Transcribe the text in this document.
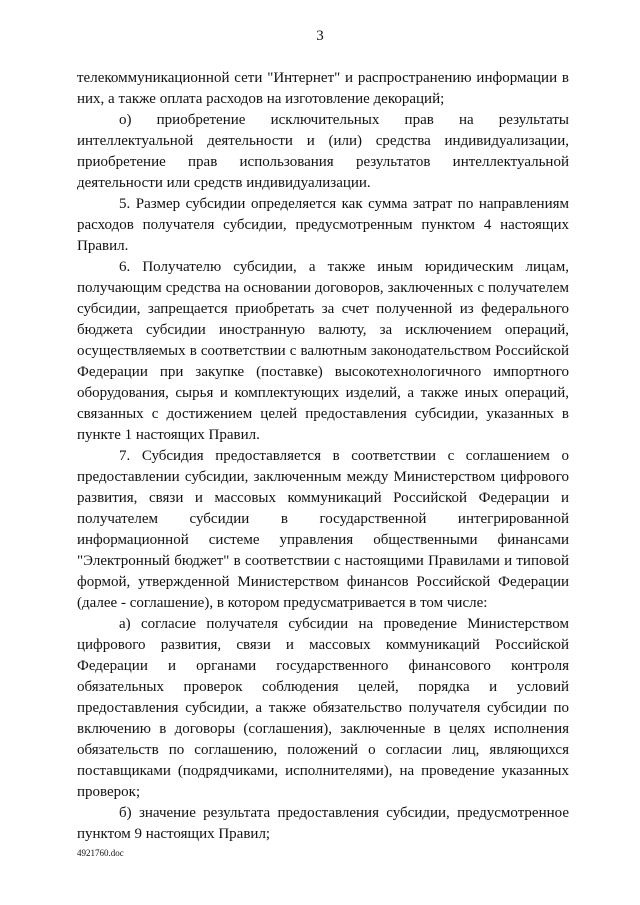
3

телекоммуникационной сети "Интернет" и распространению информации в них, а также оплата расходов на изготовление декораций;

о) приобретение исключительных прав на результаты интеллектуальной деятельности и (или) средства индивидуализации, приобретение прав использования результатов интеллектуальной деятельности или средств индивидуализации.

5. Размер субсидии определяется как сумма затрат по направлениям расходов получателя субсидии, предусмотренным пунктом 4 настоящих Правил.

6. Получателю субсидии, а также иным юридическим лицам, получающим средства на основании договоров, заключенных с получателем субсидии, запрещается приобретать за счет полученной из федерального бюджета субсидии иностранную валюту, за исключением операций, осуществляемых в соответствии с валютным законодательством Российской Федерации при закупке (поставке) высокотехнологичного импортного оборудования, сырья и комплектующих изделий, а также иных операций, связанных с достижением целей предоставления субсидии, указанных в пункте 1 настоящих Правил.

7. Субсидия предоставляется в соответствии с соглашением о предоставлении субсидии, заключенным между Министерством цифрового развития, связи и массовых коммуникаций Российской Федерации и получателем субсидии в государственной интегрированной информационной системе управления общественными финансами "Электронный бюджет" в соответствии с настоящими Правилами и типовой формой, утвержденной Министерством финансов Российской Федерации (далее - соглашение), в котором предусматривается в том числе:

а) согласие получателя субсидии на проведение Министерством цифрового развития, связи и массовых коммуникаций Российской Федерации и органами государственного финансового контроля обязательных проверок соблюдения целей, порядка и условий предоставления субсидии, а также обязательство получателя субсидии по включению в договоры (соглашения), заключенные в целях исполнения обязательств по соглашению, положений о согласии лиц, являющихся поставщиками (подрядчиками, исполнителями), на проведение указанных проверок;

б) значение результата предоставления субсидии, предусмотренное пунктом 9 настоящих Правил;

4921760.doc
